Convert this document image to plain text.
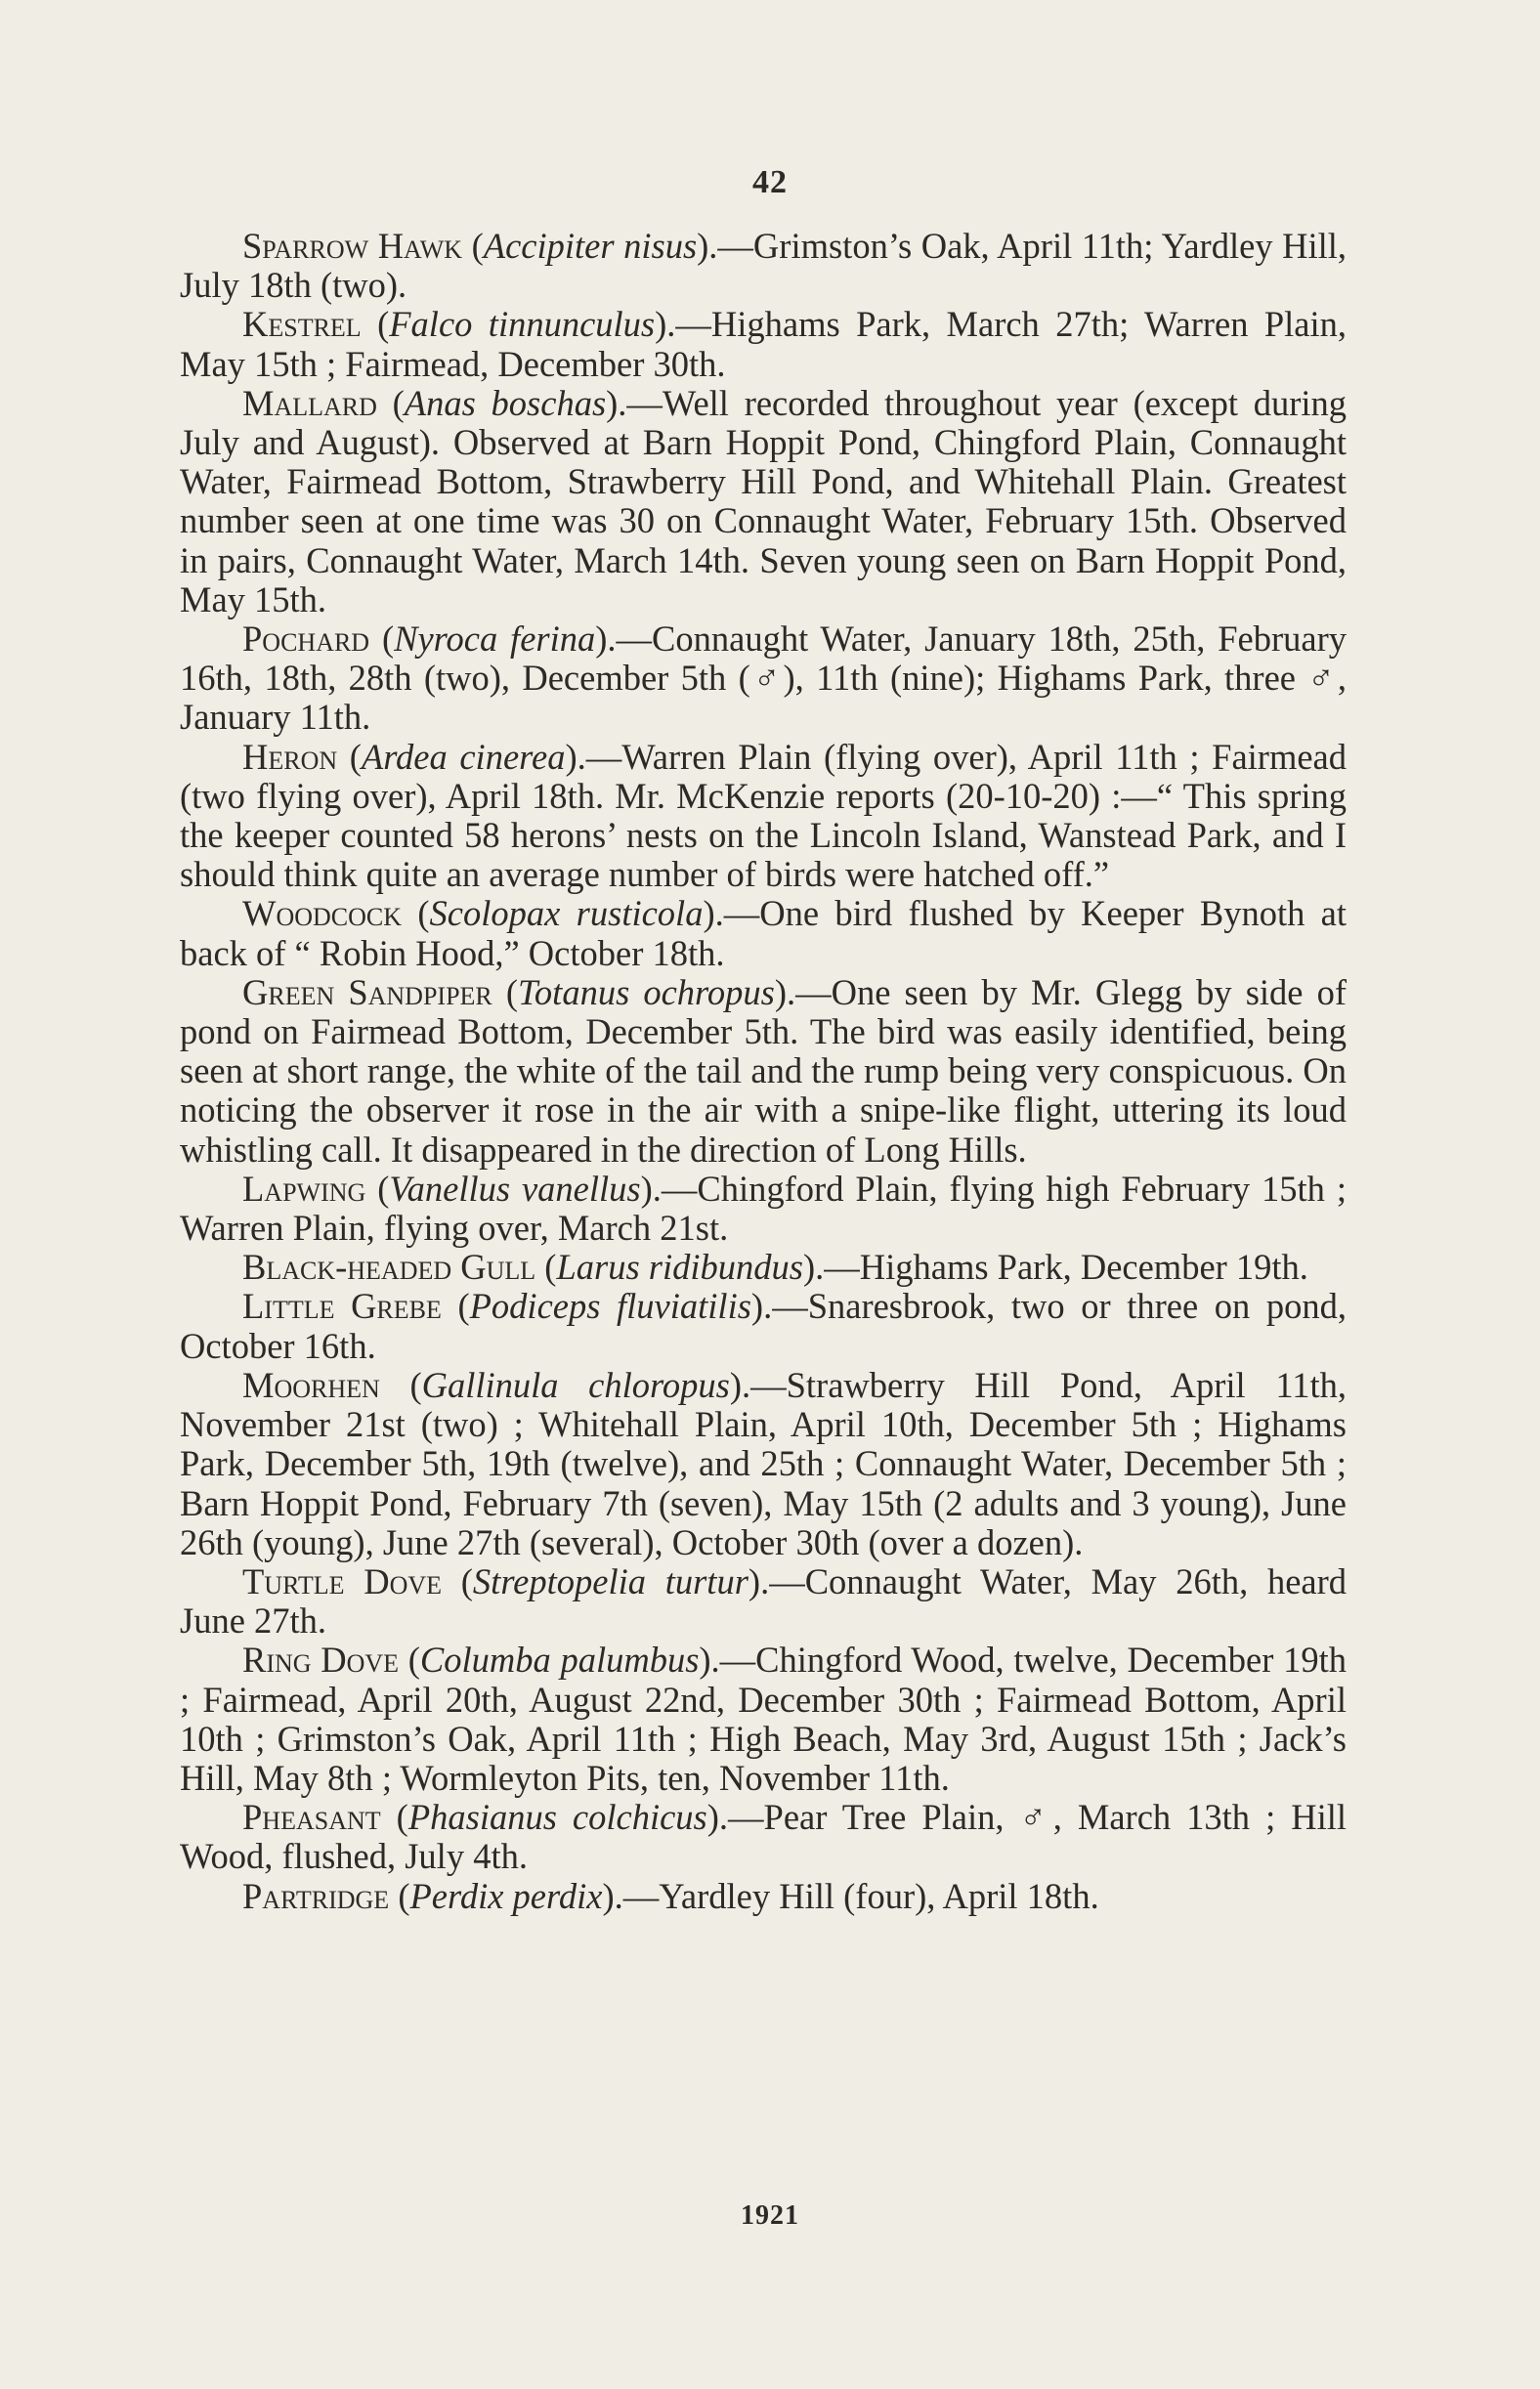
42

Sparrow Hawk (Accipiter nisus).—Grimston’s Oak, April 11th; Yardley Hill, July 18th (two).

Kestrel (Falco tinnunculus).—Highams Park, March 27th; Warren Plain, May 15th ; Fairmead, December 30th.

Mallard (Anas boschas).—Well recorded throughout year (except during July and August). Observed at Barn Hoppit Pond, Chingford Plain, Connaught Water, Fairmead Bottom, Strawberry Hill Pond, and Whitehall Plain. Greatest number seen at one time was 30 on Connaught Water, February 15th. Observed in pairs, Connaught Water, March 14th. Seven young seen on Barn Hoppit Pond, May 15th.

Pochard (Nyroca ferina).—Connaught Water, January 18th, 25th, February 16th, 18th, 28th (two), December 5th (♂), 11th (nine); Highams Park, three ♂, January 11th.

Heron (Ardea cinerea).—Warren Plain (flying over), April 11th ; Fairmead (two flying over), April 18th. Mr. McKenzie reports (20-10-20) :—“ This spring the keeper counted 58 herons’ nests on the Lincoln Island, Wanstead Park, and I should think quite an average number of birds were hatched off.”

Woodcock (Scolopax rusticola).—One bird flushed by Keeper Bynoth at back of “ Robin Hood,” October 18th.

Green Sandpiper (Totanus ochropus).—One seen by Mr. Glegg by side of pond on Fairmead Bottom, December 5th. The bird was easily identified, being seen at short range, the white of the tail and the rump being very conspicuous. On noticing the observer it rose in the air with a snipe-like flight, uttering its loud whistling call. It disappeared in the direction of Long Hills.

Lapwing (Vanellus vanellus).—Chingford Plain, flying high February 15th ; Warren Plain, flying over, March 21st.

Black-headed Gull (Larus ridibundus).—Highams Park, December 19th.

Little Grebe (Podiceps fluviatilis).—Snaresbrook, two or three on pond, October 16th.

Moorhen (Gallinula chloropus).—Strawberry Hill Pond, April 11th, November 21st (two) ; Whitehall Plain, April 10th, December 5th ; Highams Park, December 5th, 19th (twelve), and 25th ; Connaught Water, December 5th ; Barn Hoppit Pond, February 7th (seven), May 15th (2 adults and 3 young), June 26th (young), June 27th (several), October 30th (over a dozen).

Turtle Dove (Streptopelia turtur).—Connaught Water, May 26th, heard June 27th.

Ring Dove (Columba palumbus).—Chingford Wood, twelve, December 19th ; Fairmead, April 20th, August 22nd, December 30th ; Fairmead Bottom, April 10th ; Grimston’s Oak, April 11th ; High Beach, May 3rd, August 15th ; Jack’s Hill, May 8th ; Wormleyton Pits, ten, November 11th.

Pheasant (Phasianus colchicus).—Pear Tree Plain, ♂, March 13th ; Hill Wood, flushed, July 4th.

Partridge (Perdix perdix).—Yardley Hill (four), April 18th.

1921
